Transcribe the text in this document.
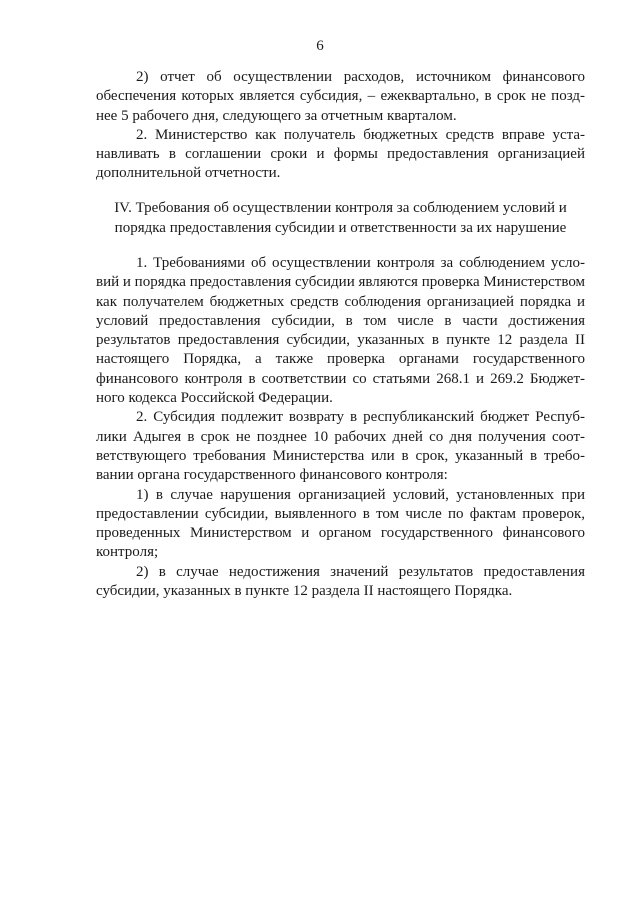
6
2) отчет об осуществлении расходов, источником финансового
обеспечения которых является субсидия, – ежеквартально, в срок не позд-
нее 5 рабочего дня, следующего за отчетным кварталом.
2. Министерство как получатель бюджетных средств вправе уста-
навливать в соглашении сроки и формы предоставления организацией
дополнительной отчетности.
IV. Требования об осуществлении контроля за соблюдением условий и
порядка предоставления субсидии и ответственности за их нарушение
1. Требованиями об осуществлении контроля за соблюдением усло-
вий и порядка предоставления субсидии являются проверка Министерством
как получателем бюджетных средств соблюдения организацией порядка и
условий предоставления субсидии, в том числе в части достижения
результатов предоставления субсидии, указанных в пункте 12 раздела II
настоящего Порядка, а также проверка органами государственного
финансового контроля в соответствии со статьями 268.1 и 269.2 Бюджет-
ного кодекса Российской Федерации.
2. Субсидия подлежит возврату в республиканский бюджет Респуб-
лики Адыгея в срок не позднее 10 рабочих дней со дня получения соот-
ветствующего требования Министерства или в срок, указанный в требо-
вании органа государственного финансового контроля:
1) в случае нарушения организацией условий, установленных при
предоставлении субсидии, выявленного в том числе по фактам проверок,
проведенных Министерством и органом государственного финансового
контроля;
2) в случае недостижения значений результатов предоставления
субсидии, указанных в пункте 12 раздела II настоящего Порядка.
